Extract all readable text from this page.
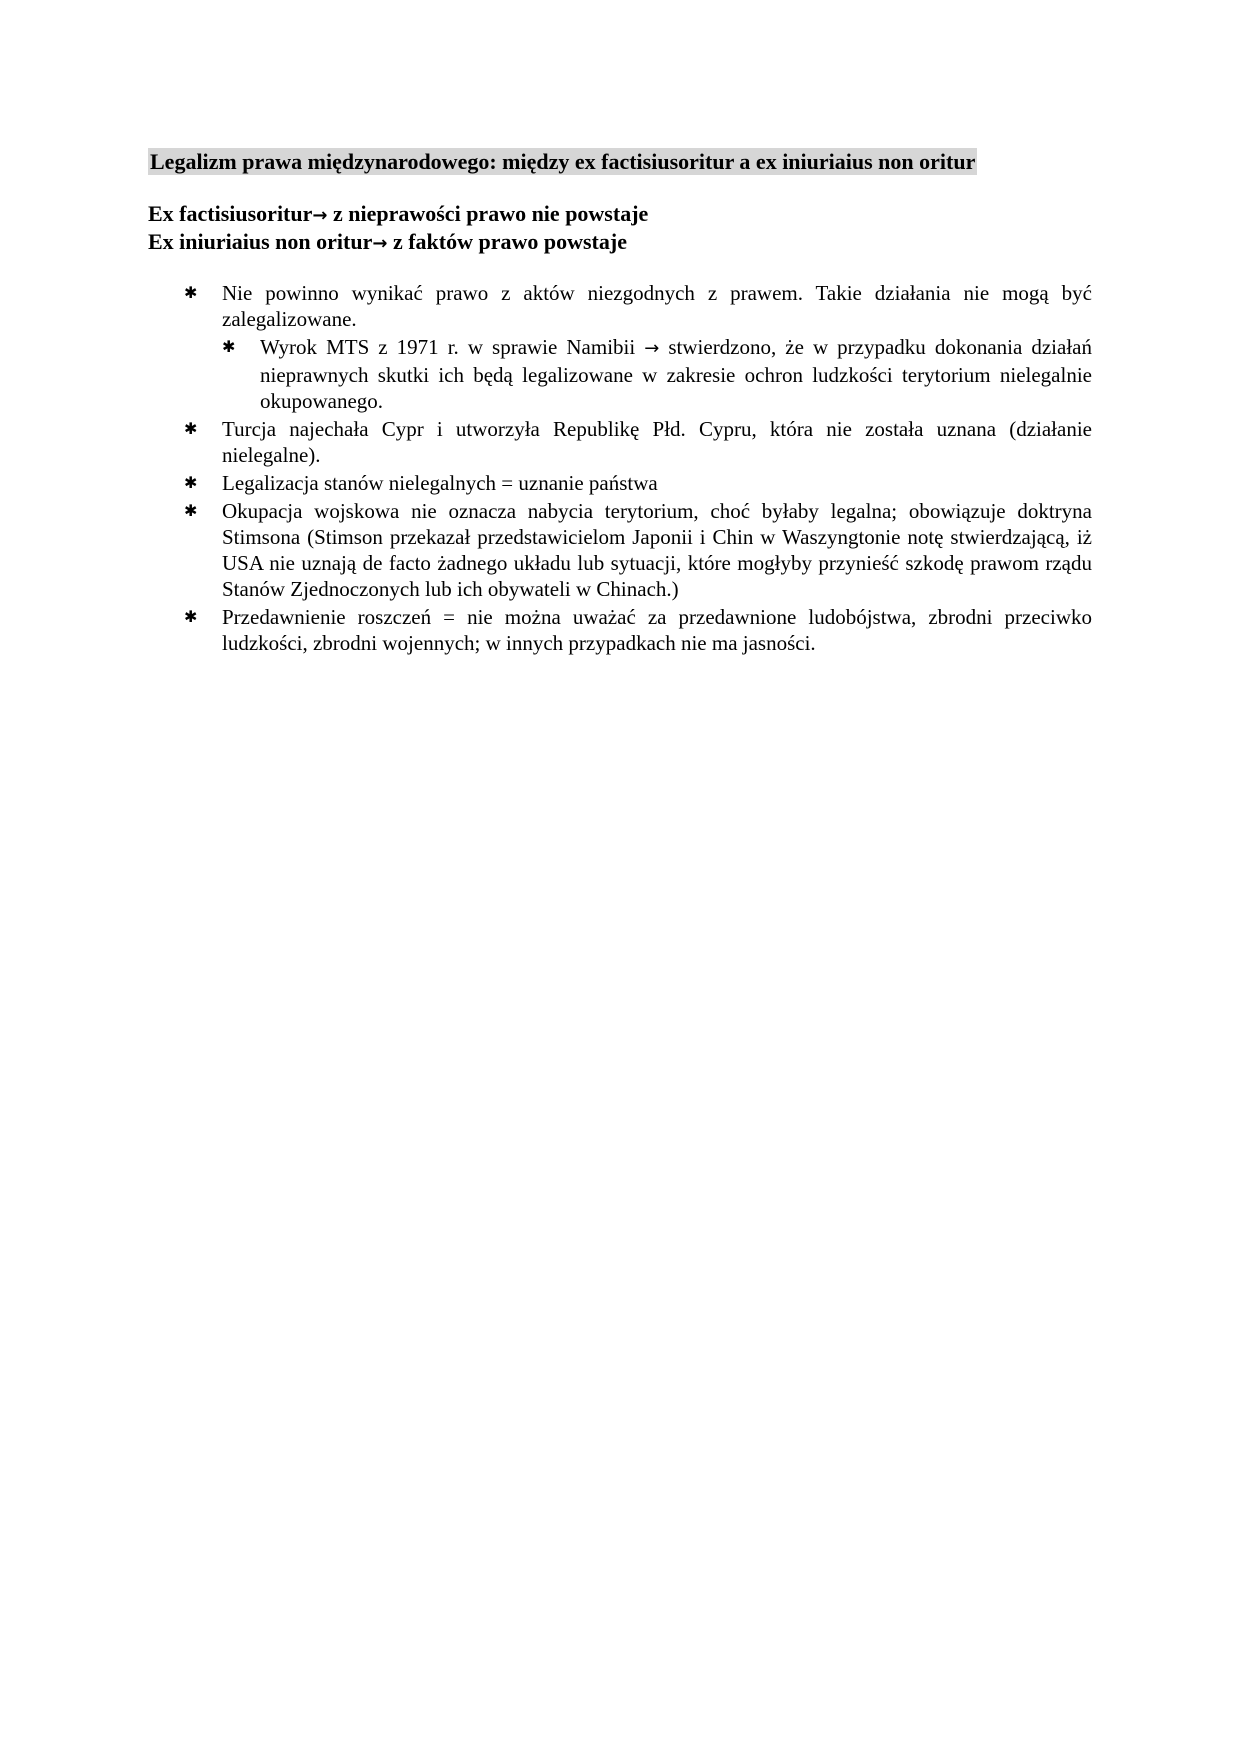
Legalizm prawa międzynarodowego: między ex factisiusoritur a ex iniuriaius non oritur
Ex factisiusoritur→ z nieprawości prawo nie powstaje
Ex iniuriaius non oritur→ z faktów prawo powstaje
✱ Nie powinno wynikać prawo z aktów niezgodnych z prawem. Takie działania nie mogą być zalegalizowane.
✱ Wyrok MTS z 1971 r. w sprawie Namibii → stwierdzono, że w przypadku dokonania działań nieprawnych skutki ich będą legalizowane w zakresie ochron ludzkości terytorium nielegalnie okupowanego.
✱ Turcja najechała Cypr i utworzyła Republikę Płd. Cypru, która nie została uznana (działanie nielegalne).
✱ Legalizacja stanów nielegalnych = uznanie państwa
✱ Okupacja wojskowa nie oznacza nabycia terytorium, choć byłaby legalna; obowiązuje doktryna Stimsona (Stimson przekazał przedstawicielom Japonii i Chin w Waszyngtonie notę stwierdzającą, iż USA nie uznają de facto żadnego układu lub sytuacji, które mogłyby przynieść szkodę prawom rządu Stanów Zjednoczonych lub ich obywateli w Chinach.)
✱ Przedawnienie roszczeń = nie można uważać za przedawnione ludobójstwa, zbrodni przeciwko ludzkości, zbrodni wojennych; w innych przypadkach nie ma jasności.
